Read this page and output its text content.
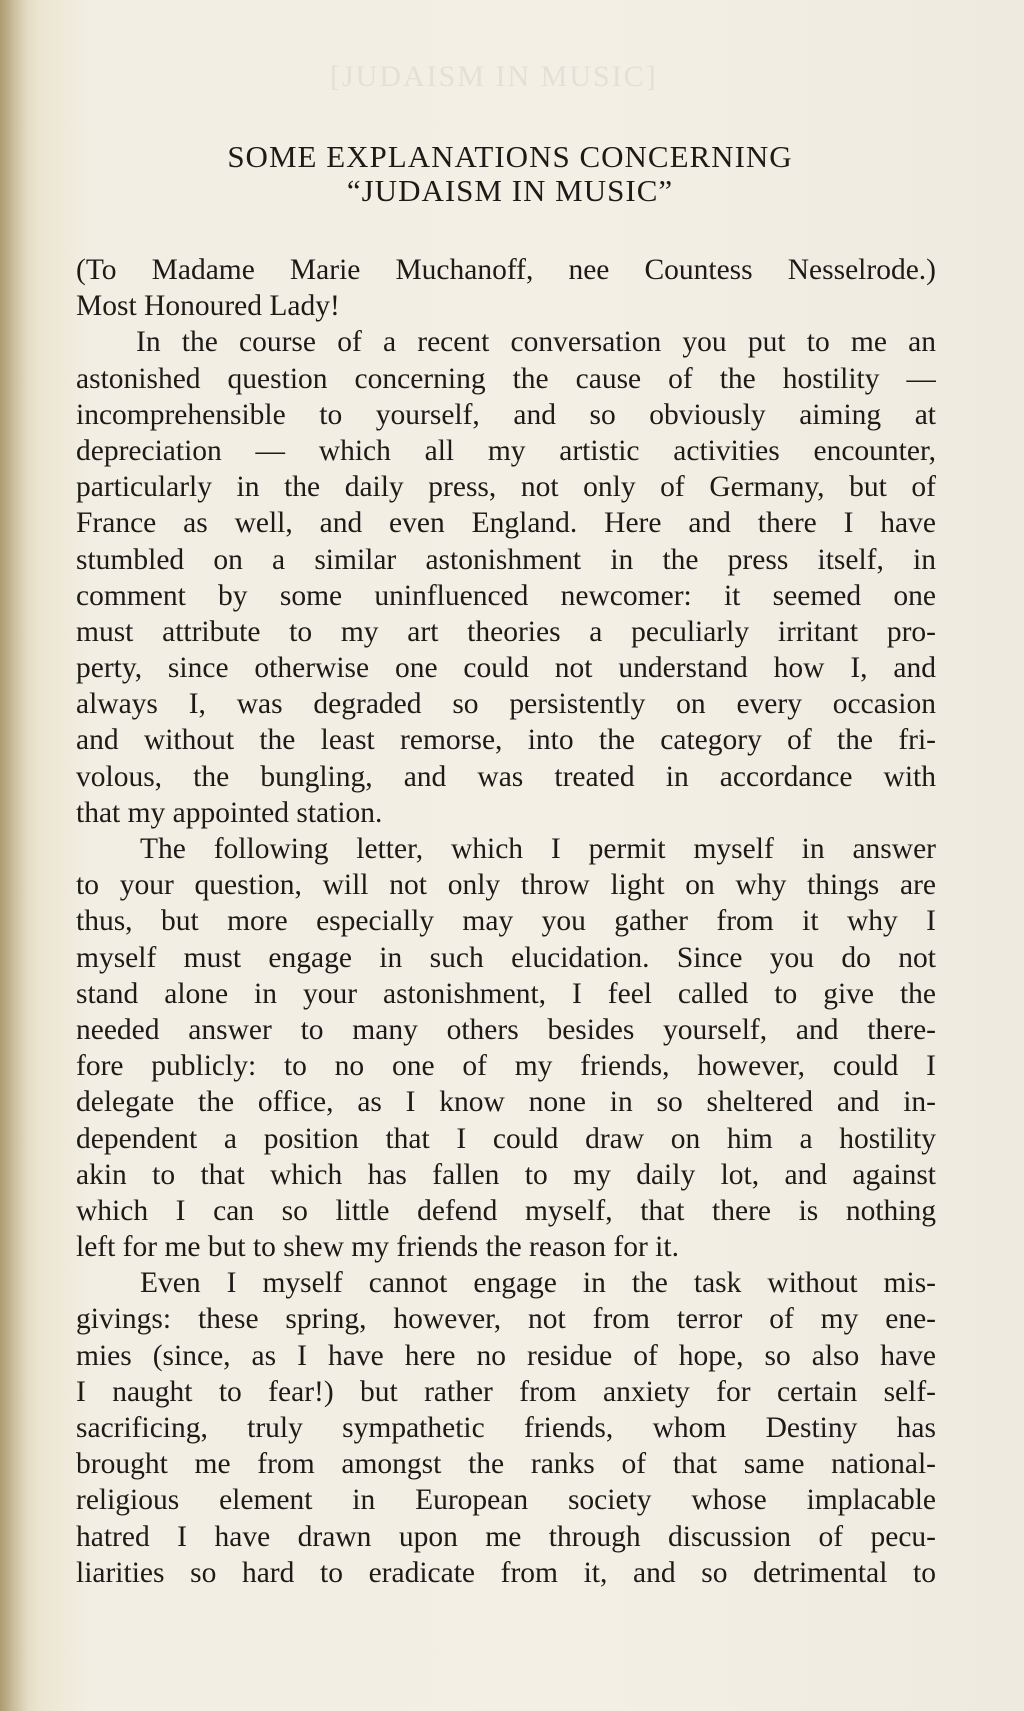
[JUDAISM IN MUSIC]
SOME EXPLANATIONS CONCERNING
“JUDAISM IN MUSIC”
(To Madame Marie Muchanoff, nee Countess Nesselrode.)
Most Honoured Lady!
In the course of a recent conversation you put to me an
astonished question concerning the cause of the hostility —
incomprehensible to yourself, and so obviously aiming at
depreciation — which all my artistic activities encounter,
particularly in the daily press, not only of Germany, but of
France as well, and even England. Here and there I have
stumbled on a similar astonishment in the press itself, in
comment by some uninfluenced newcomer: it seemed one
must attribute to my art theories a peculiarly irritant pro-
perty, since otherwise one could not understand how I, and
always I, was degraded so persistently on every occasion
and without the least remorse, into the category of the fri-
volous, the bungling, and was treated in accordance with
that my appointed station.
The following letter, which I permit myself in answer
to your question, will not only throw light on why things are
thus, but more especially may you gather from it why I
myself must engage in such elucidation. Since you do not
stand alone in your astonishment, I feel called to give the
needed answer to many others besides yourself, and there-
fore publicly: to no one of my friends, however, could I
delegate the office, as I know none in so sheltered and in-
dependent a position that I could draw on him a hostility
akin to that which has fallen to my daily lot, and against
which I can so little defend myself, that there is nothing
left for me but to shew my friends the reason for it.
Even I myself cannot engage in the task without mis-
givings: these spring, however, not from terror of my ene-
mies (since, as I have here no residue of hope, so also have
I naught to fear!) but rather from anxiety for certain self-
sacrificing, truly sympathetic friends, whom Destiny has
brought me from amongst the ranks of that same national-
religious element in European society whose implacable
hatred I have drawn upon me through discussion of pecu-
liarities so hard to eradicate from it, and so detrimental to
